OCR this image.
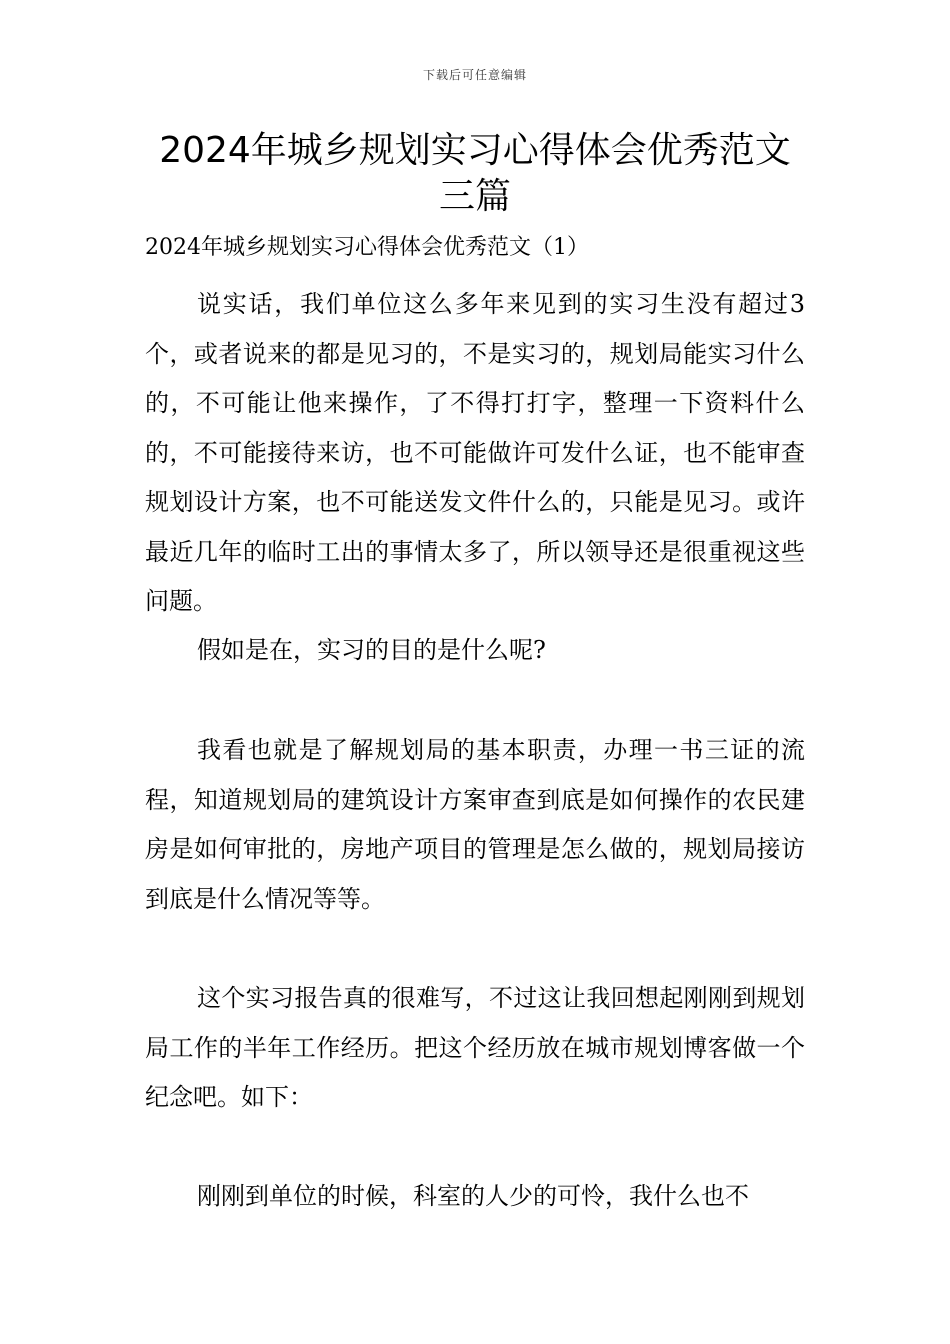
下载后可任意编辑
2024年城乡规划实习心得体会优秀范文三篇
2024年城乡规划实习心得体会优秀范文（1）

说实话，我们单位这么多年来见到的实习生没有超过3个，或者说来的都是见习的，不是实习的，规划局能实习什么的，不可能让他来操作，了不得打打字，整理一下资料什么的，不可能接待来访，也不可能做许可发什么证，也不能审查规划设计方案，也不可能送发文件什么的，只能是见习。或许最近几年的临时工出的事情太多了，所以领导还是很重视这些问题。

假如是在，实习的目的是什么呢?

我看也就是了解规划局的基本职责，办理一书三证的流程，知道规划局的建筑设计方案审查到底是如何操作的农民建房是如何审批的，房地产项目的管理是怎么做的，规划局接访到底是什么情况等等。

这个实习报告真的很难写，不过这让我回想起刚刚到规划局工作的半年工作经历。把这个经历放在城市规划博客做一个纪念吧。如下：

刚刚到单位的时候，科室的人少的可怜，我什么也不
